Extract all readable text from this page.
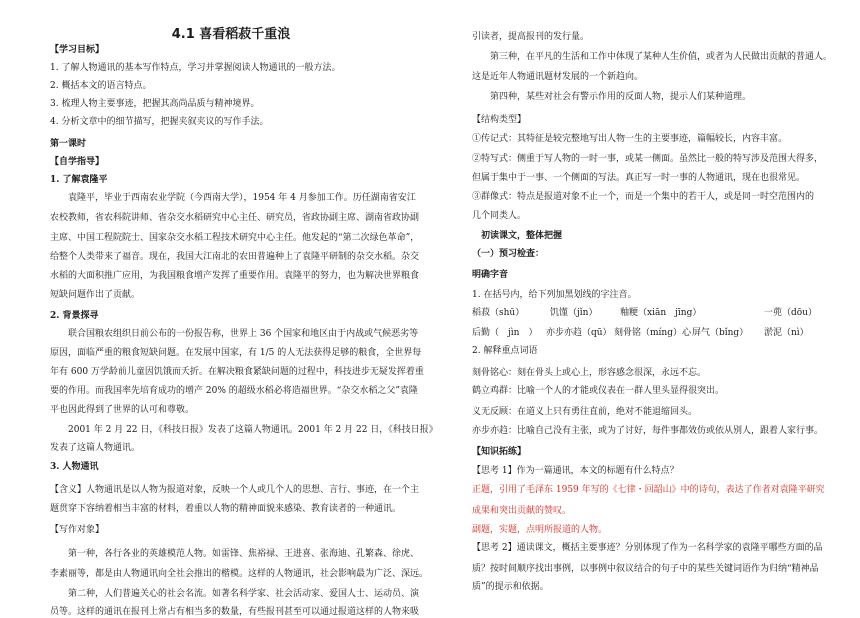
4.1 喜看稻菽千重浪
【学习目标】
1. 了解人物通讯的基本写作特点，学习并掌握阅读人物通讯的一般方法。
2. 概括本文的语言特点。
3. 梳理人物主要事迹，把握其高尚品质与精神境界。
4. 分析文章中的细节描写，把握夹叙夹议的写作手法。
第一课时
【自学指导】
1. 了解袁隆平
　　袁隆平，毕业于西南农业学院（今西南大学），1954 年 4 月参加工作。历任湖南省安江
农校教师，省农科院讲师、省杂交水稻研究中心主任、研究员，省政协副主席、湖南省政协副
主席、中国工程院院士、国家杂交水稻工程技术研究中心主任。他发起的“第二次绿色革命”，
给整个人类带来了福音。现在，我国大江南北的农田普遍种上了袁隆平研制的杂交水稻。杂交
水稻的大面积推广应用，为我国粮食增产发挥了重要作用。袁隆平的努力，也为解决世界粮食
短缺问题作出了贡献。
2. 背景探寻
　　联合国粮农组织日前公布的一份报告称，世界上 36 个国家和地区由于内战或气候恶劣等
原因，面临严重的粮食短缺问题。在发展中国家，有 1/5 的人无法获得足够的粮食，全世界每
年有 600 万学龄前儿童因饥饿而夭折。在解决粮食紧缺问题的过程中，科技进步无疑发挥着重
要的作用。而我国率先培育成功的增产 20% 的超级水稻必将造福世界。“杂交水稻之父”袁隆
平也因此得到了世界的认可和尊敬。
　　2001 年 2 月 22 日，《科技日报》发表了这篇人物通讯。2001 年 2 月 22 日，《科技日报》
发表了这篇人物通讯。
3. 人物通讯
【含义】人物通讯是以人物为报道对象，反映一个人或几个人的思想、言行、事迹，在一个主
题贯穿下容纳着相当丰富的材料，着重以人物的精神面貌来感染、教育读者的一种通讯。
【写作对象】
　　第一种，各行各业的英雄模范人物。如雷锋、焦裕禄、王进喜、张海迪、孔繁森、徐虎、
李素丽等，都是由人物通讯向全社会推出的楷模。这样的人物通讯，社会影响最为广泛、深远。
　　第二种，人们普遍关心的社会名流。如著名科学家、社会活动家、爱国人士、运动员、演
员等。这样的通讯在报刊上常占有相当多的数量，有些报刊甚至可以通过报道这样的人物来吸
引读者，提高报刊的发行量。
　　第三种，在平凡的生活和工作中体现了某种人生价值，或者为人民做出贡献的普通人。
这是近年人物通讯题材发展的一个新趋向。
　　第四种，某些对社会有警示作用的反面人物，提示人们某种道理。
【结构类型】
①传记式：其特征是较完整地写出人物一生的主要事迹，篇幅较长，内容丰富。
②特写式：侧重于写人物的一时一事，或某一侧面。虽然比一般的特写涉及范围大得多，
但属于集中于一事、一个侧面的写法。真正写一时一事的人物通讯，现在也很常见。
③群像式：特点是报道对象不止一个，而是一个集中的若干人，或是同一时空范围内的
几个同类人。
　初读课文，整体把握
（一）预习检查：
明确字音
1. 在括号内，给下列加黑划线的字注音。
稻菽（shū）	饥馑（jǐn）	釉粳（xiān　jīng）	一蔸（dōu）
后勤（　jìn　） 亦步亦趋（qū） 刻骨铭（míng）心 屏气（bǐng） 淤泥（nì）
2. 解释重点词语
刻骨铭心：刻在骨头上或心上，形容感念很深，永远不忘。
鹤立鸡群：比喻一个人的才能或仪表在一群人里头显得很突出。
义无反顾：在道义上只有勇往直前，绝对不能退缩回头。
亦步亦趋：比喻自己没有主张，或为了讨好，每件事都效仿或依从别人，跟着人家行事。
【知识拓练】
【思考 1】作为一篇通讯，本文的标题有什么特点？
正题，引用了毛泽东 1959 年写的《七律・回韶山》中的诗句，表达了作者对袁隆平研究
成果和突出贡献的赞叹。
副题，实题，点明所报道的人物。
【思考 2】通读课文，概括主要事迹？分别体现了作为一名科学家的袁隆平哪些方面的品
质？按时间顺序找出事例，以事例中叙议结合的句子中的某些关键词语作为归纳“精神品
质”的提示和依据。
